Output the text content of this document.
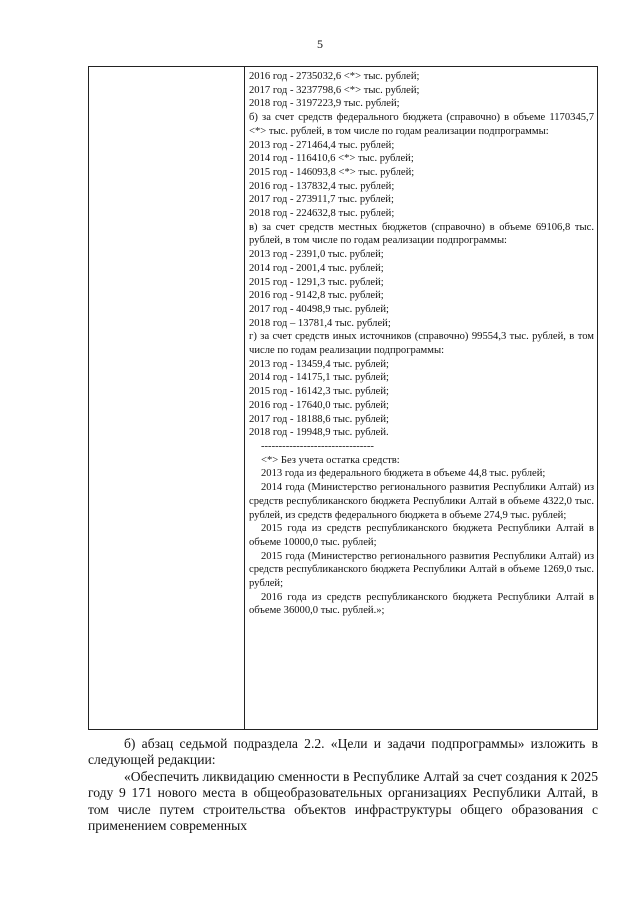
5
2016 год - 2735032,6 <*> тыс. рублей;
2017 год - 3237798,6 <*> тыс. рублей;
2018 год - 3197223,9 тыс. рублей;
б) за счет средств федерального бюджета (справочно) в объеме 1170345,7 <*> тыс. рублей, в том числе по годам реализации подпрограммы:
2013 год - 271464,4 тыс. рублей;
2014 год - 116410,6 <*> тыс. рублей;
2015 год - 146093,8 <*> тыс. рублей;
2016 год - 137832,4 тыс. рублей;
2017 год - 273911,7 тыс. рублей;
2018 год - 224632,8 тыс. рублей;
в) за счет средств местных бюджетов (справочно) в объеме 69106,8 тыс. рублей, в том числе по годам реализации подпрограммы:
2013 год - 2391,0 тыс. рублей;
2014 год - 2001,4 тыс. рублей;
2015 год - 1291,3 тыс. рублей;
2016 год - 9142,8 тыс. рублей;
2017 год - 40498,9 тыс. рублей;
2018 год – 13781,4 тыс. рублей;
г) за счет средств иных источников (справочно) 99554,3 тыс. рублей, в том числе по годам реализации подпрограммы:
2013 год - 13459,4 тыс. рублей;
2014 год - 14175,1 тыс. рублей;
2015 год - 16142,3 тыс. рублей;
2016 год - 17640,0 тыс. рублей;
2017 год - 18188,6 тыс. рублей;
2018 год - 19948,9 тыс. рублей.
--------------------------------
<*> Без учета остатка средств:
2013 года из федерального бюджета в объеме 44,8 тыс. рублей;
2014 года (Министерство регионального развития Республики Алтай) из средств республиканского бюджета Республики Алтай в объеме 4322,0 тыс. рублей, из средств федерального бюджета в объеме 274,9 тыс. рублей;
2015 года из средств республиканского бюджета Республики Алтай в объеме 10000,0 тыс. рублей;
2015 года (Министерство регионального развития Республики Алтай) из средств республиканского бюджета Республики Алтай в объеме 1269,0 тыс. рублей;
2016 года из средств республиканского бюджета Республики Алтай в объеме 36000,0 тыс. рублей.»;

б) абзац седьмой подраздела 2.2. «Цели и задачи подпрограммы» изложить в следующей редакции:

«Обеспечить ликвидацию сменности в Республике Алтай за счет создания к 2025 году 9 171 нового места в общеобразовательных организациях Республики Алтай, в том числе путем строительства объектов инфраструктуры общего образования с применением современных
